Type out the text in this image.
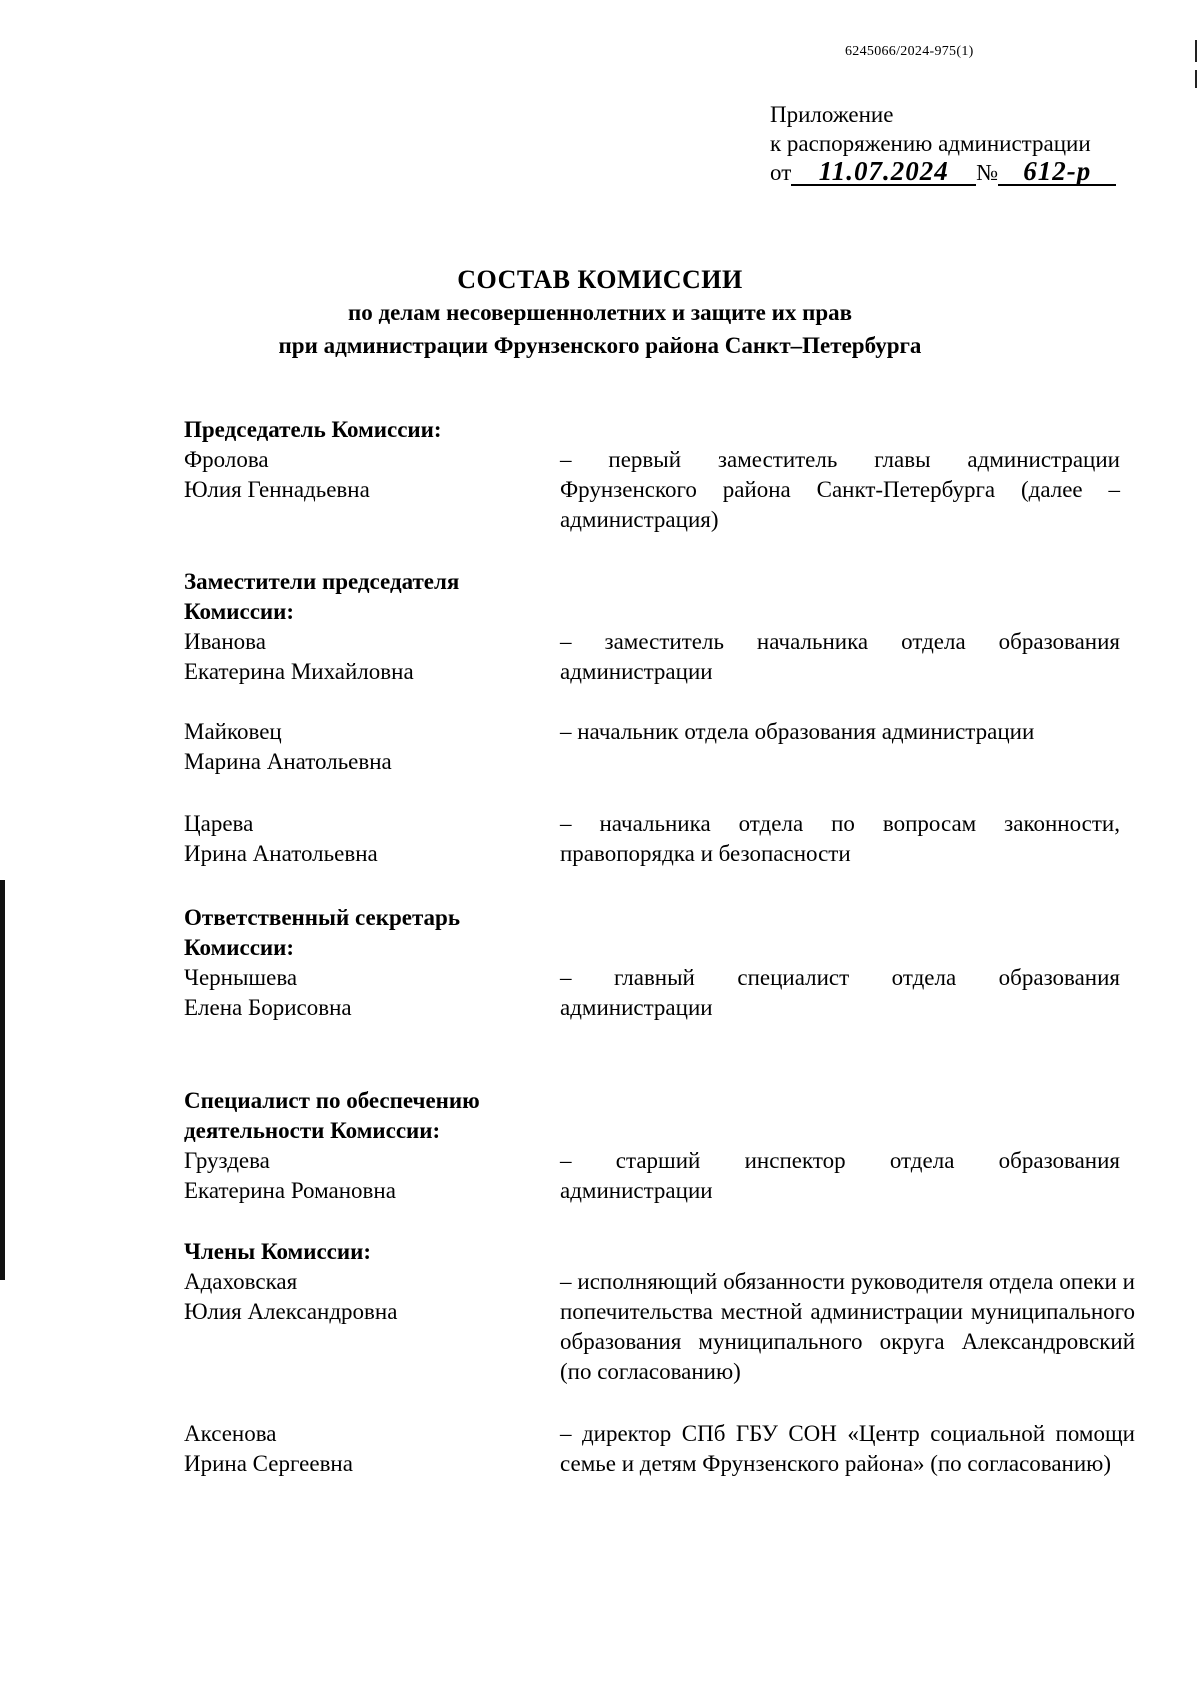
6245066/2024-975(1)
Приложение
к распоряжению администрации
от 11.07.2024 № 612-р
СОСТАВ КОМИССИИ
по делам несовершеннолетних и защите их прав
при администрации Фрунзенского района Санкт–Петербурга
Председатель Комиссии:
Фролова
Юлия Геннадьевна
– первый заместитель главы администрации Фрунзенского района Санкт-Петербурга (далее – администрация)
Заместители председателя Комиссии:
Иванова
Екатерина Михайловна
– заместитель начальника отдела образования администрации
Майковец
Марина Анатольевна
– начальник отдела образования администрации
Царева
Ирина Анатольевна
– начальника отдела по вопросам законности, правопорядка и безопасности
Ответственный секретарь Комиссии:
Чернышева
Елена Борисовна
– главный специалист отдела образования администрации
Специалист по обеспечению деятельности Комиссии:
Груздева
Екатерина Романовна
– старший инспектор отдела образования администрации
Члены Комиссии:
Адаховская
Юлия Александровна
– исполняющий обязанности руководителя отдела опеки и попечительства местной администрации муниципального образования муниципального округа Александровский (по согласованию)
Аксенова
Ирина Сергеевна
– директор СПб ГБУ СОН «Центр социальной помощи семье и детям Фрунзенского района» (по согласованию)
